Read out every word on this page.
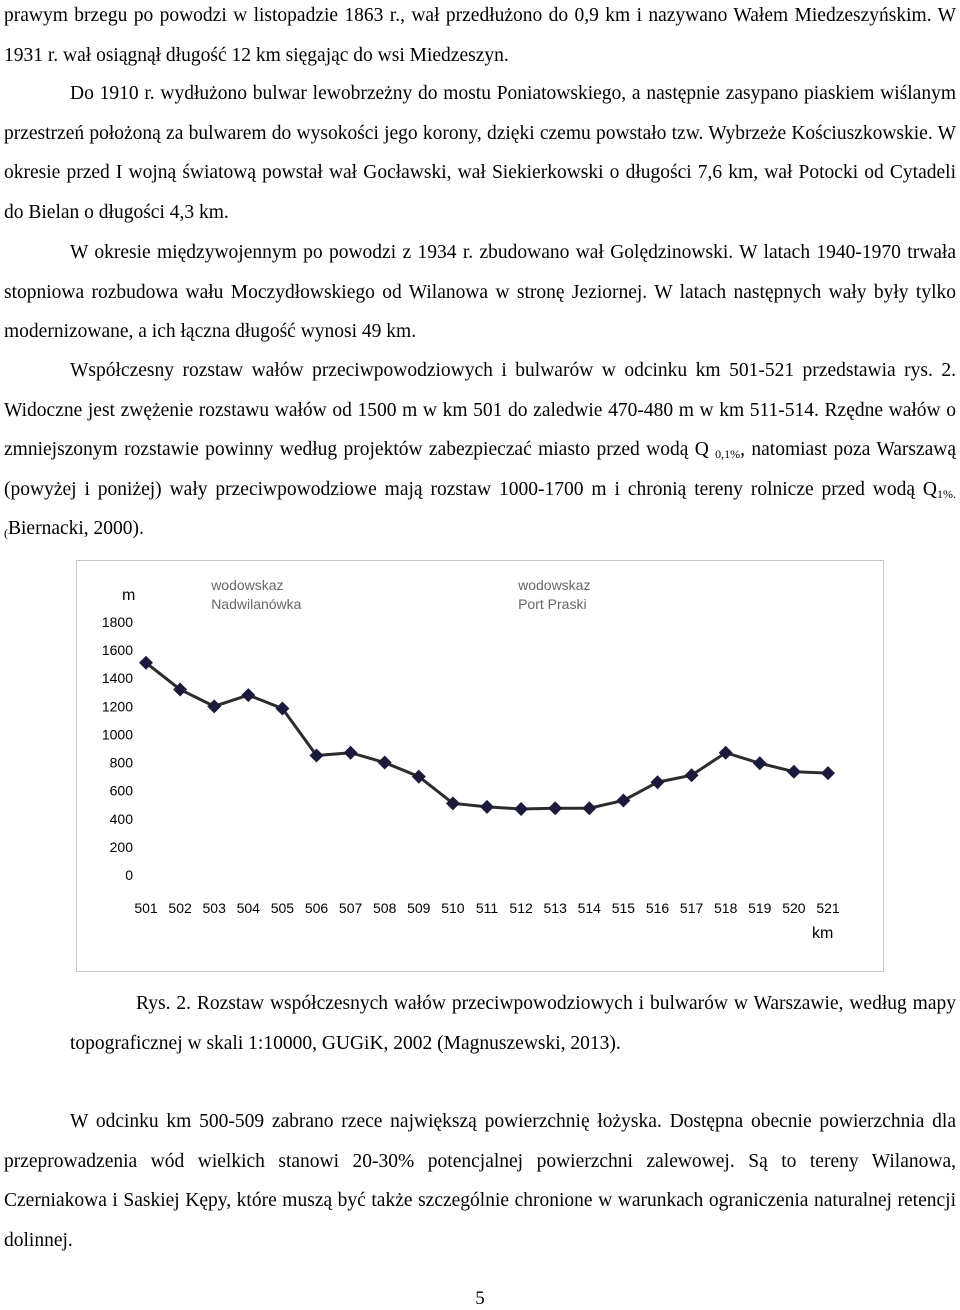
prawym brzegu po powodzi w listopadzie 1863 r., wał przedłużono do 0,9 km i nazywano Wałem Miedzeszyńskim. W 1931 r. wał osiągnął długość 12 km sięgając do wsi Miedzeszyn.

Do 1910 r. wydłużono bulwar lewobrzeżny do mostu Poniatowskiego, a następnie zasypano piaskiem wiślanym przestrzeń położoną za bulwarem do wysokości jego korony, dzięki czemu powstało tzw. Wybrzeże Kościuszkowskie. W okresie przed I wojną światową powstał wał Gocławski, wał Siekierkowski o długości 7,6 km, wał Potocki od Cytadeli do Bielan o długości 4,3 km.

W okresie międzywojennym po powodzi z 1934 r. zbudowano wał Golędzinowski. W latach 1940-1970 trwała stopniowa rozbudowa wału Moczydłowskiego od Wilanowa w stronę Jeziornej. W latach następnych wały były tylko modernizowane, a ich łączna długość wynosi 49 km.

Współczesny rozstaw wałów przeciwpowodziowych i bulwarów w odcinku km 501-521 przedstawia rys. 2. Widoczne jest zwężenie rozstawu wałów od 1500 m w km 501 do zaledwie 470-480 m w km 511-514. Rzędne wałów o zmniejszonym rozstawie powinny według projektów zabezpieczać miasto przed wodą Q $_{0,1\%}$, natomiast poza Warszawą (powyżej i poniżej) wały przeciwpowodziowe mają rozstaw 1000-1700 m i chronią tereny rolnicze przed wodą $Q_{1\%.(}Biernacki$, 2000).

wodowskaz
Nadwilanówka
wodowskaz
Port Praski
0
200
400
600
800
1000
1200
1400
1600
1800
501 502 503 504 505 506 507 508 509 510 511 512 513 514 515 516 517 518 519 520 521
m
km

Rys. 2. Rozstaw współczesnych wałów przeciwpowodziowych i bulwarów w Warszawie, według mapy topograficznej w skali 1:10000, GUGiK, 2002 (Magnuszewski, 2013).

W odcinku km 500-509 zabrano rzece największą powierzchnię łożyska. Dostępna obecnie powierzchnia dla przeprowadzenia wód wielkich stanowi 20-30% potencjalnej powierzchni zalewowej. Są to tereny Wilanowa, Czerniakowa i Saskiej Kępy, które muszą być także szczególnie chronione w warunkach ograniczenia naturalnej retencji dolinnej.

5
